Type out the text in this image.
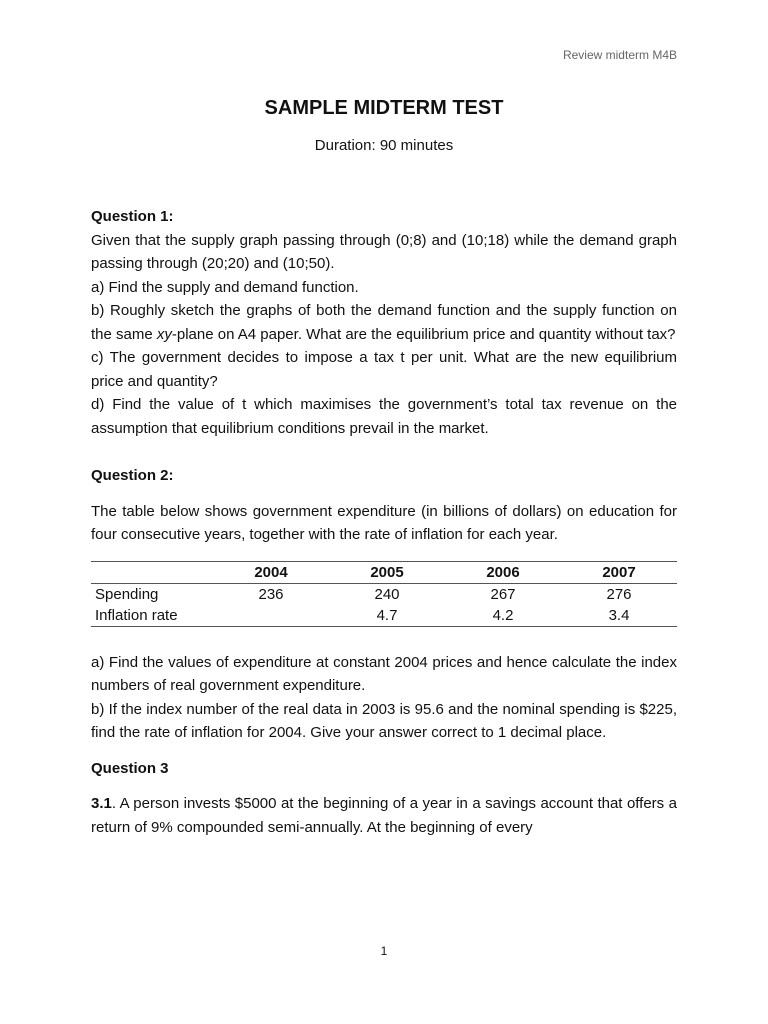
Review midterm M4B
SAMPLE MIDTERM TEST
Duration: 90 minutes

Question 1:

Given that the supply graph passing through (0;8) and (10;18) while the demand graph passing through (20;20) and (10;50).

a) Find the supply and demand function.

b) Roughly sketch the graphs of both the demand function and the supply function on the same xy-plane on A4 paper. What are the equilibrium price and quantity without tax?

c) The government decides to impose a tax t per unit. What are the new equilibrium price and quantity?

d) Find the value of t which maximises the government’s total tax revenue on the assumption that equilibrium conditions prevail in the market.

Question 2:

The table below shows government expenditure (in billions of dollars) on education for four consecutive years, together with the rate of inflation for each year.

	2004	2005	2006	2007
Spending	236	240	267	276
Inflation rate		4.7	4.2	3.4

a) Find the values of expenditure at constant 2004 prices and hence calculate the index numbers of real government expenditure.

b) If the index number of the real data in 2003 is 95.6 and the nominal spending is $225, find the rate of inflation for 2004. Give your answer correct to 1 decimal place.

Question 3

3.1. A person invests $5000 at the beginning of a year in a savings account that offers a return of 9% compounded semi-annually. At the beginning of every

1
